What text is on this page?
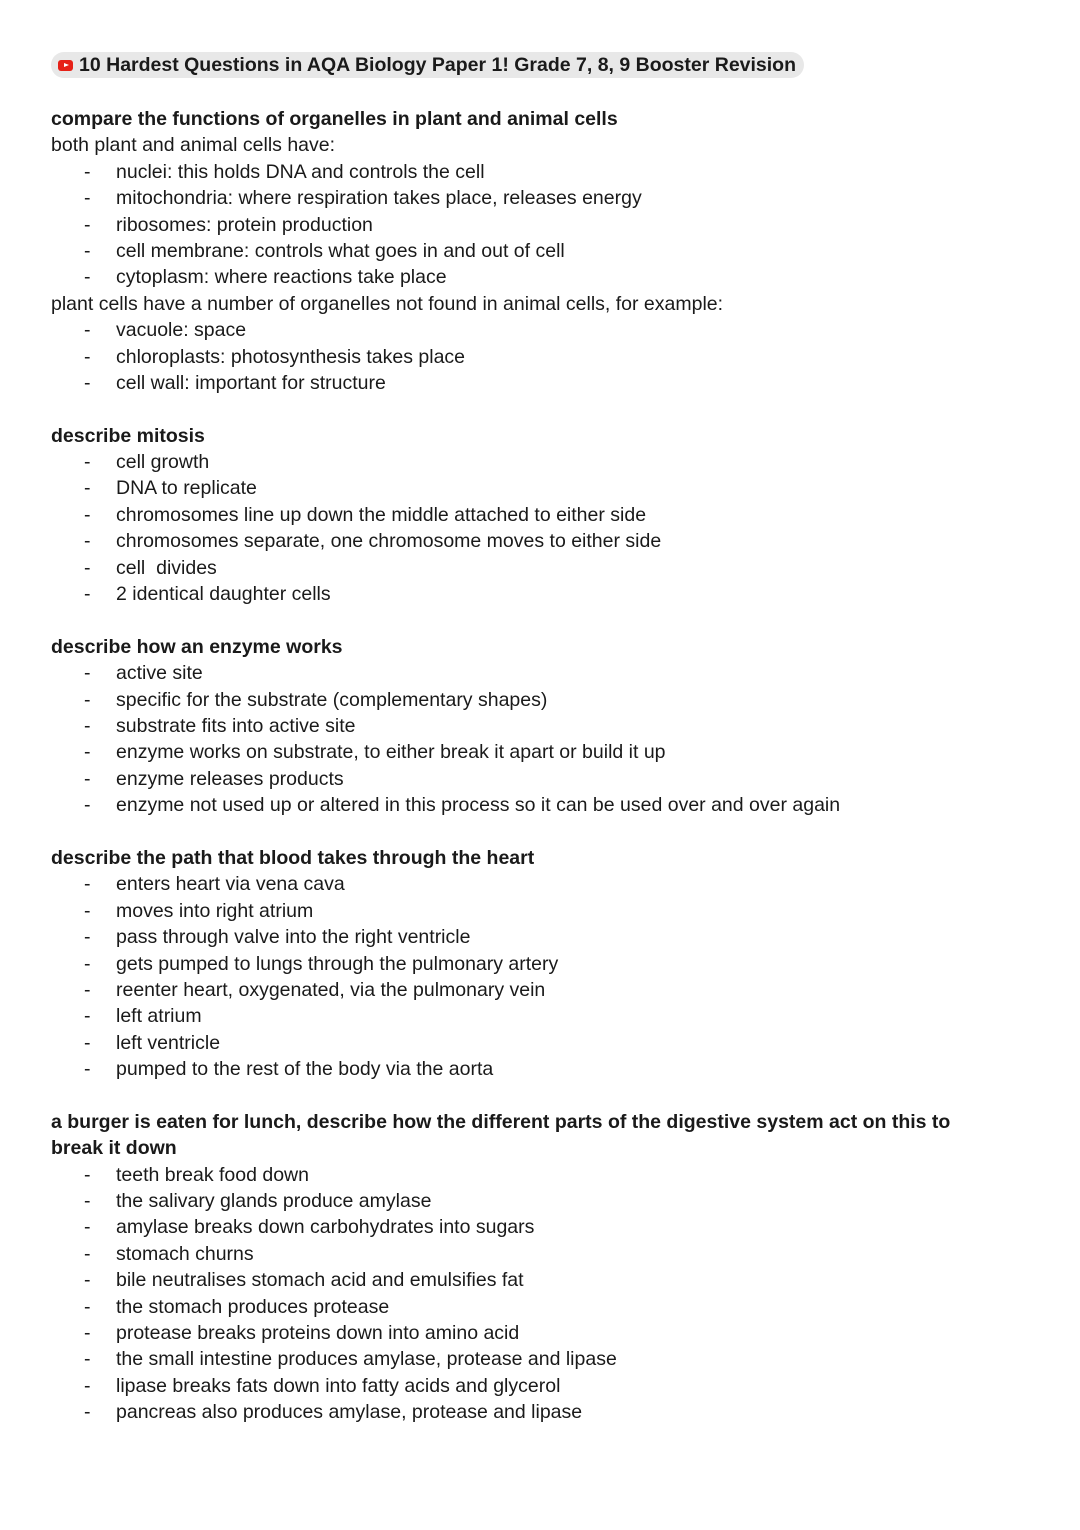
10 Hardest Questions in AQA Biology Paper 1! Grade 7, 8, 9 Booster Revision
compare the functions of organelles in plant and animal cells
both plant and animal cells have:
- nuclei: this holds DNA and controls the cell
- mitochondria: where respiration takes place, releases energy
- ribosomes: protein production
- cell membrane: controls what goes in and out of cell
- cytoplasm: where reactions take place
plant cells have a number of organelles not found in animal cells, for example:
- vacuole: space
- chloroplasts: photosynthesis takes place
- cell wall: important for structure
describe mitosis
- cell growth
- DNA to replicate
- chromosomes line up down the middle attached to either side
- chromosomes separate, one chromosome moves to either side
- cell  divides
- 2 identical daughter cells
describe how an enzyme works
- active site
- specific for the substrate (complementary shapes)
- substrate fits into active site
- enzyme works on substrate, to either break it apart or build it up
- enzyme releases products
- enzyme not used up or altered in this process so it can be used over and over again
describe the path that blood takes through the heart
- enters heart via vena cava
- moves into right atrium
- pass through valve into the right ventricle
- gets pumped to lungs through the pulmonary artery
- reenter heart, oxygenated, via the pulmonary vein
- left atrium
- left ventricle
- pumped to the rest of the body via the aorta
a burger is eaten for lunch, describe how the different parts of the digestive system act on this to break it down
- teeth break food down
- the salivary glands produce amylase
- amylase breaks down carbohydrates into sugars
- stomach churns
- bile neutralises stomach acid and emulsifies fat
- the stomach produces protease
- protease breaks proteins down into amino acid
- the small intestine produces amylase, protease and lipase
- lipase breaks fats down into fatty acids and glycerol
- pancreas also produces amylase, protease and lipase
